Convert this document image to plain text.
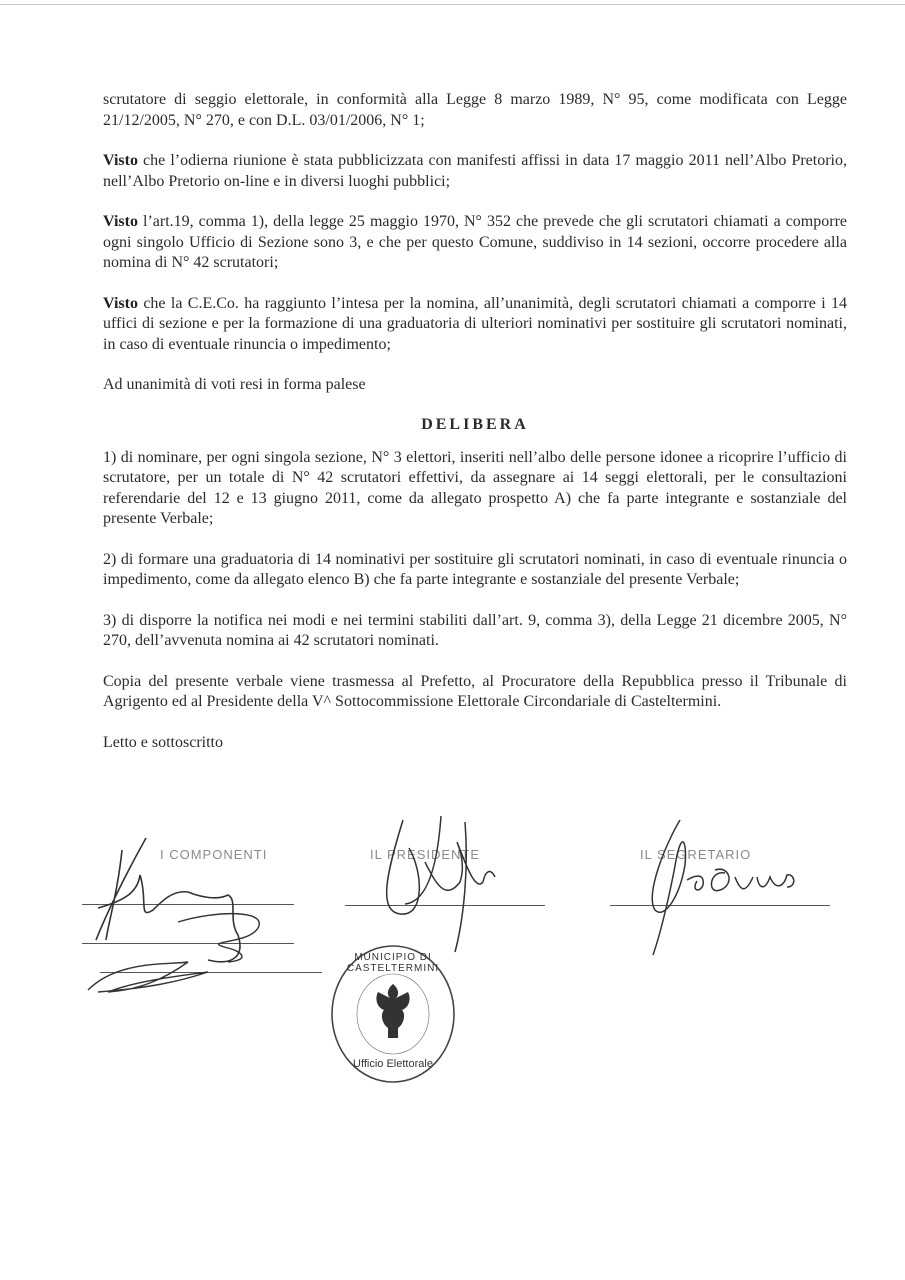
scrutatore di seggio elettorale, in conformità alla Legge 8 marzo 1989, N° 95, come modificata con Legge 21/12/2005, N° 270, e con D.L. 03/01/2006, N° 1;

Visto che l’odierna riunione è stata pubblicizzata con manifesti affissi in data 17 maggio 2011 nell’Albo Pretorio, nell’Albo Pretorio on-line e in diversi luoghi pubblici;

Visto l’art.19, comma 1), della legge 25 maggio 1970, N° 352 che prevede che gli scrutatori chiamati a comporre ogni singolo Ufficio di Sezione sono 3, e che per questo Comune, suddiviso in 14 sezioni, occorre procedere alla nomina di N° 42 scrutatori;

Visto che la C.E.Co. ha raggiunto l’intesa per la nomina, all’unanimità, degli scrutatori chiamati a comporre i 14 uffici di sezione e per la formazione di una graduatoria di ulteriori nominativi per sostituire gli scrutatori nominati, in caso di eventuale rinuncia o impedimento;

Ad unanimità di voti resi in forma palese

DELIBERA

1) di nominare, per ogni singola sezione, N° 3 elettori, inseriti nell’albo delle persone idonee a ricoprire l’ufficio di scrutatore, per un totale di N° 42 scrutatori effettivi, da assegnare ai 14 seggi elettorali, per le consultazioni referendarie del 12 e 13 giugno 2011, come da allegato prospetto A) che fa parte integrante e sostanziale del presente Verbale;

2) di formare una graduatoria di 14 nominativi per sostituire gli scrutatori nominati, in caso di eventuale rinuncia o impedimento, come da allegato elenco B) che fa parte integrante e sostanziale del presente Verbale;

3) di disporre la notifica nei modi e nei termini stabiliti dall’art. 9, comma 3), della Legge 21 dicembre 2005, N° 270, dell’avvenuta nomina ai 42 scrutatori nominati.

Copia del presente verbale viene trasmessa al Prefetto, al Procuratore della Repubblica presso il Tribunale di Agrigento ed al Presidente della V^ Sottocommissione Elettorale Circondariale di Casteltermini.

Letto e sottoscritto

I COMPONENTI	IL PRESIDENTE	IL SEGRETARIO
MUNICIPIO DI CASTELTERMINI
Ufficio Elettorale
